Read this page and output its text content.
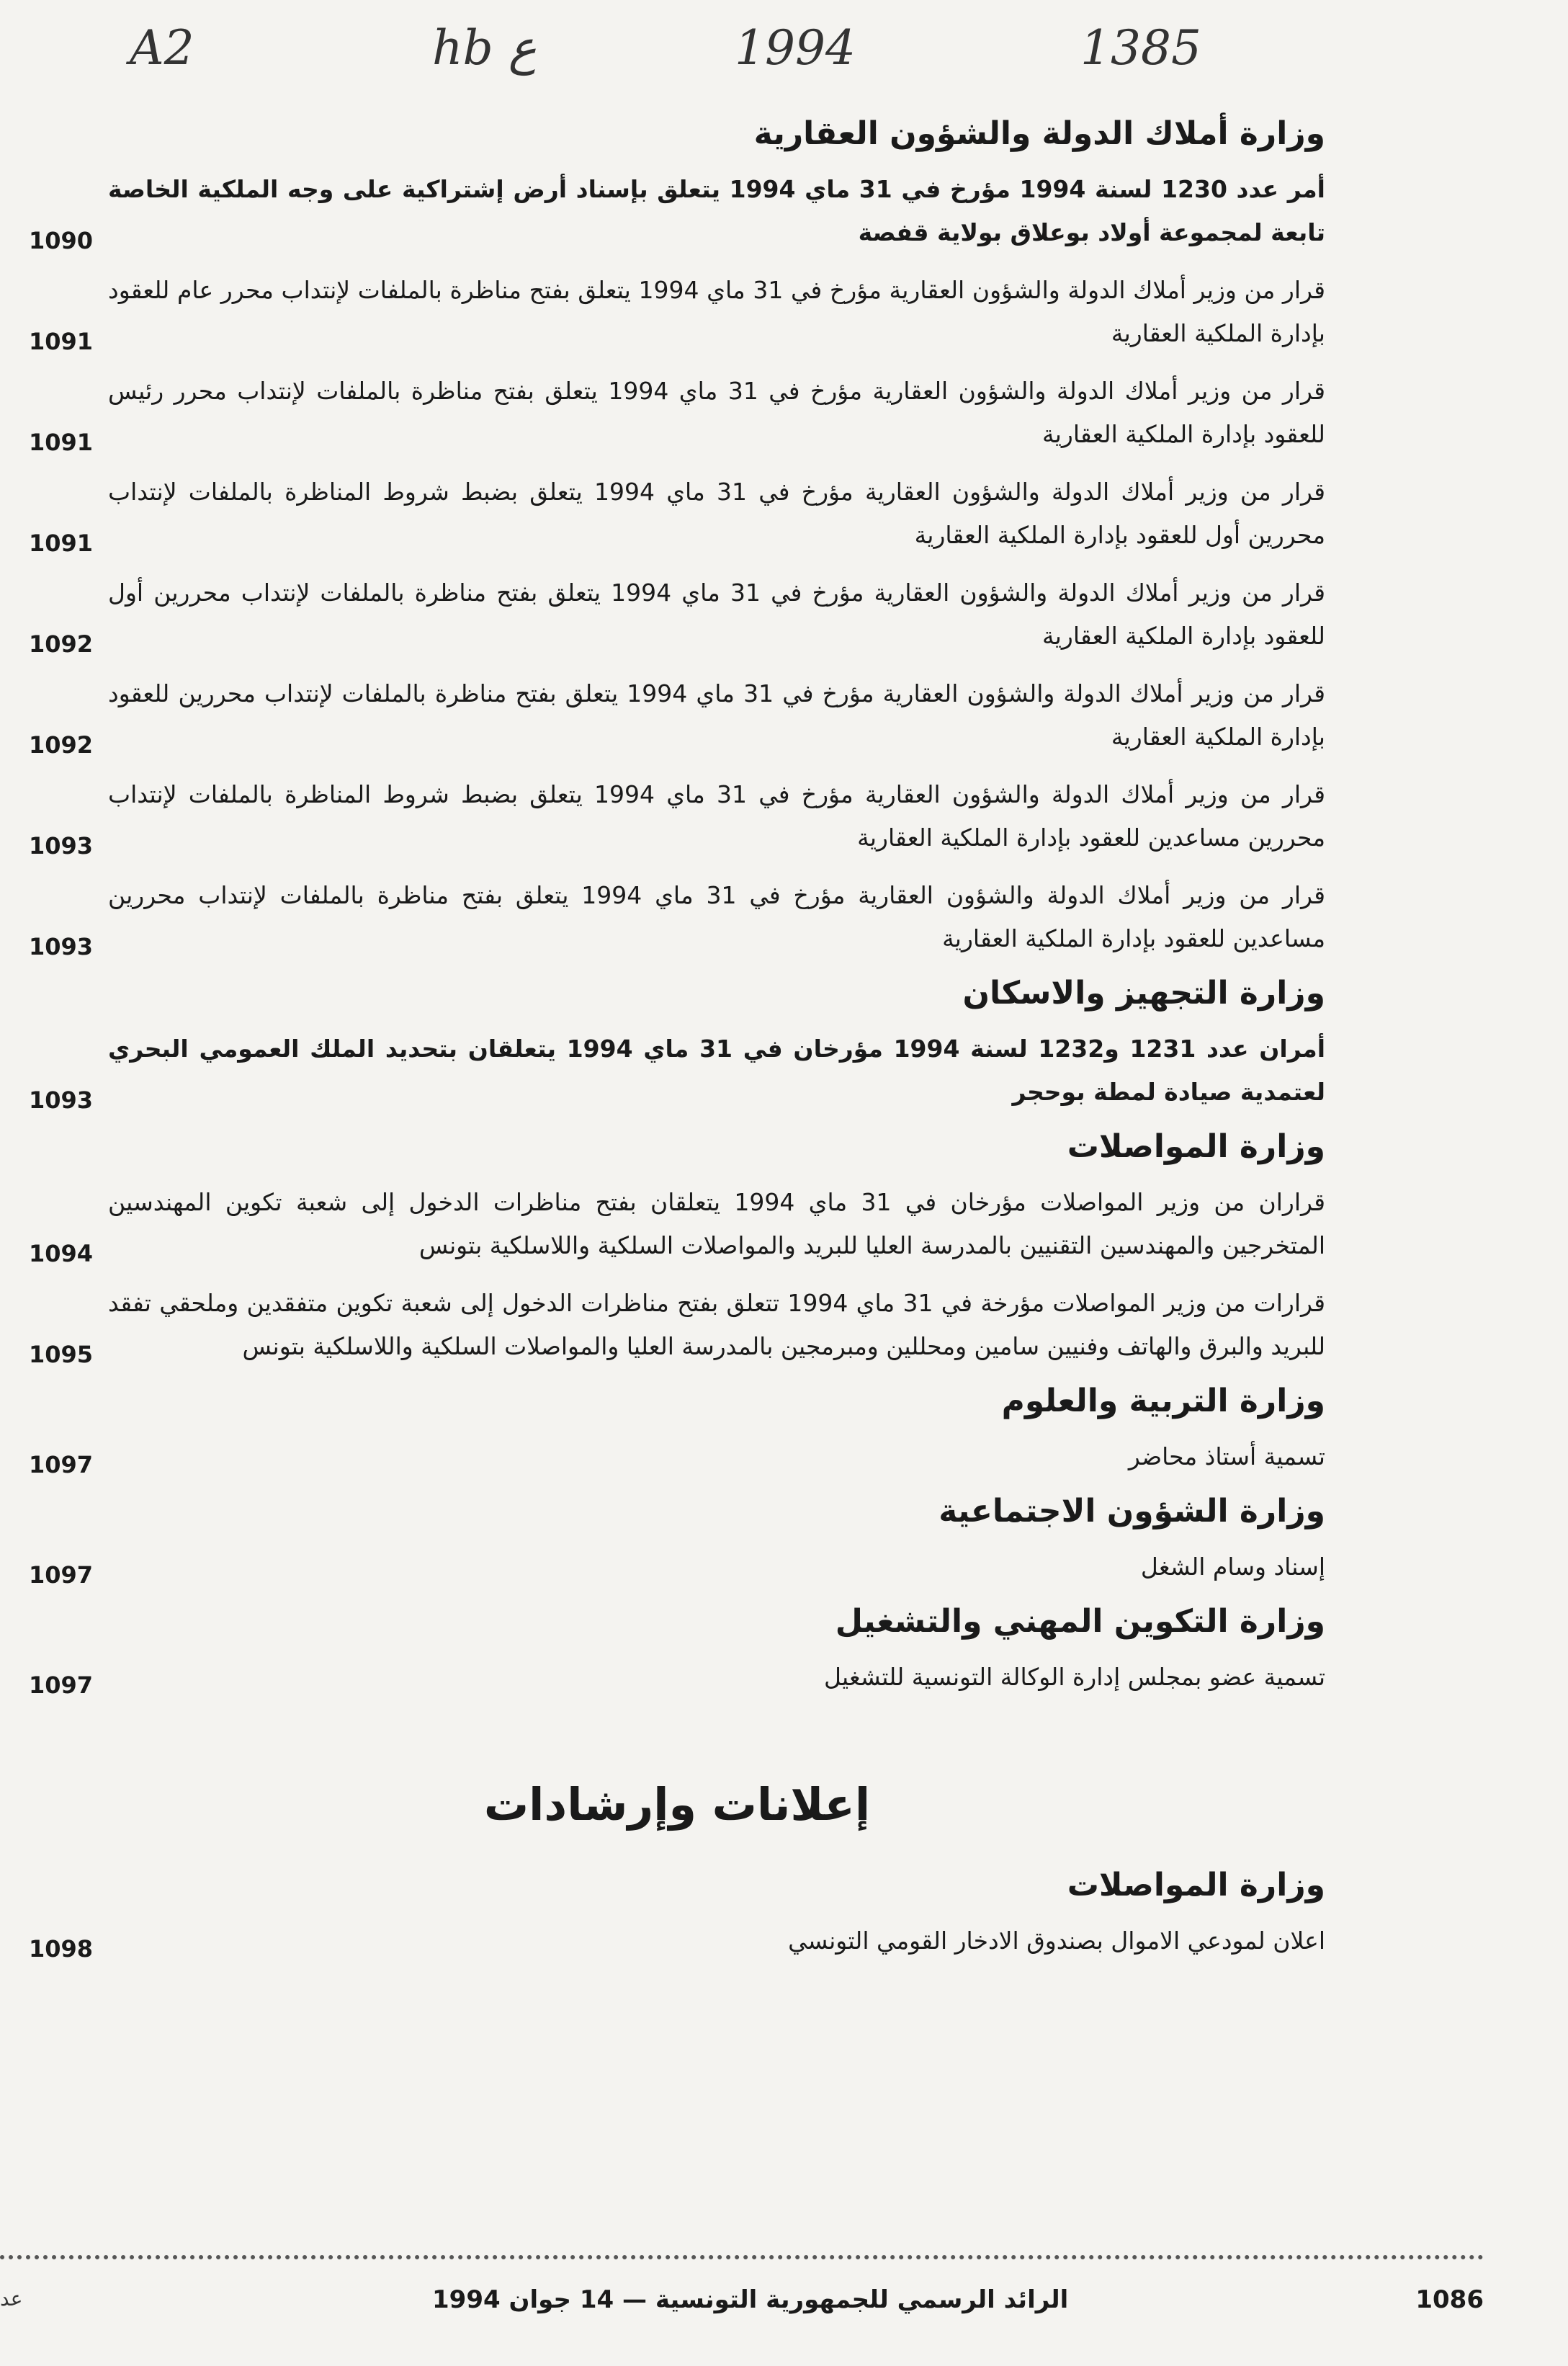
A2	hb ع	1994	1385
وزارة أملاك الدولة والشؤون العقارية
أمر عدد 1230 لسنة 1994 مؤرخ في 31 ماي 1994 يتعلق بإسناد أرض إشتراكية على وجه الملكية الخاصة تابعة لمجموعة أولاد بوعلاق بولاية قفصة
1090
قرار من وزير أملاك الدولة والشؤون العقارية مؤرخ في 31 ماي 1994 يتعلق بفتح مناظرة بالملفات لإنتداب محرر عام للعقود بإدارة الملكية العقارية
1091
قرار من وزير أملاك الدولة والشؤون العقارية مؤرخ في 31 ماي 1994 يتعلق بفتح مناظرة بالملفات لإنتداب محرر رئيس للعقود بإدارة الملكية العقارية
1091
قرار من وزير أملاك الدولة والشؤون العقارية مؤرخ في 31 ماي 1994 يتعلق بضبط شروط المناظرة بالملفات لإنتداب محررين أول للعقود بإدارة الملكية العقارية
1091
قرار من وزير أملاك الدولة والشؤون العقارية مؤرخ في 31 ماي 1994 يتعلق بفتح مناظرة بالملفات لإنتداب محررين أول للعقود بإدارة الملكية العقارية
1092
قرار من وزير أملاك الدولة والشؤون العقارية مؤرخ في 31 ماي 1994 يتعلق بفتح مناظرة بالملفات لإنتداب محررين للعقود بإدارة الملكية العقارية
1092
قرار من وزير أملاك الدولة والشؤون العقارية مؤرخ في 31 ماي 1994 يتعلق بضبط شروط المناظرة بالملفات لإنتداب محررين مساعدين للعقود بإدارة الملكية العقارية
1093
قرار من وزير أملاك الدولة والشؤون العقارية مؤرخ في 31 ماي 1994 يتعلق بفتح مناظرة بالملفات لإنتداب محررين مساعدين للعقود بإدارة الملكية العقارية
1093
وزارة التجهيز والاسكان
أمران عدد 1231 و1232 لسنة 1994 مؤرخان في 31 ماي 1994 يتعلقان بتحديد الملك العمومي البحري لعتمدية صيادة لمطة بوحجر
1093
وزارة المواصلات
قراران من وزير المواصلات مؤرخان في 31 ماي 1994 يتعلقان بفتح مناظرات الدخول إلى شعبة تكوين المهندسين المتخرجين والمهندسين التقنيين بالمدرسة العليا للبريد والمواصلات السلكية واللاسلكية بتونس
1094
قرارات من وزير المواصلات مؤرخة في 31 ماي 1994 تتعلق بفتح مناظرات الدخول إلى شعبة تكوين متفقدين وملحقي تفقد للبريد والبرق والهاتف وفنيين سامين ومحللين ومبرمجين بالمدرسة العليا والمواصلات السلكية واللاسلكية بتونس
1095
وزارة التربية والعلوم
تسمية أستاذ محاضر
1097
وزارة الشؤون الاجتماعية
إسناد وسام الشغل
1097
وزارة التكوين المهني والتشغيل
تسمية عضو بمجلس إدارة الوكالة التونسية للتشغيل
1097
إعلانات وإرشادات
وزارة المواصلات
اعلان لمودعي الاموال بصندوق الادخار القومي التونسي
1098
عد	الرائد الرسمي للجمهورية التونسية — 14 جوان 1994	1086
